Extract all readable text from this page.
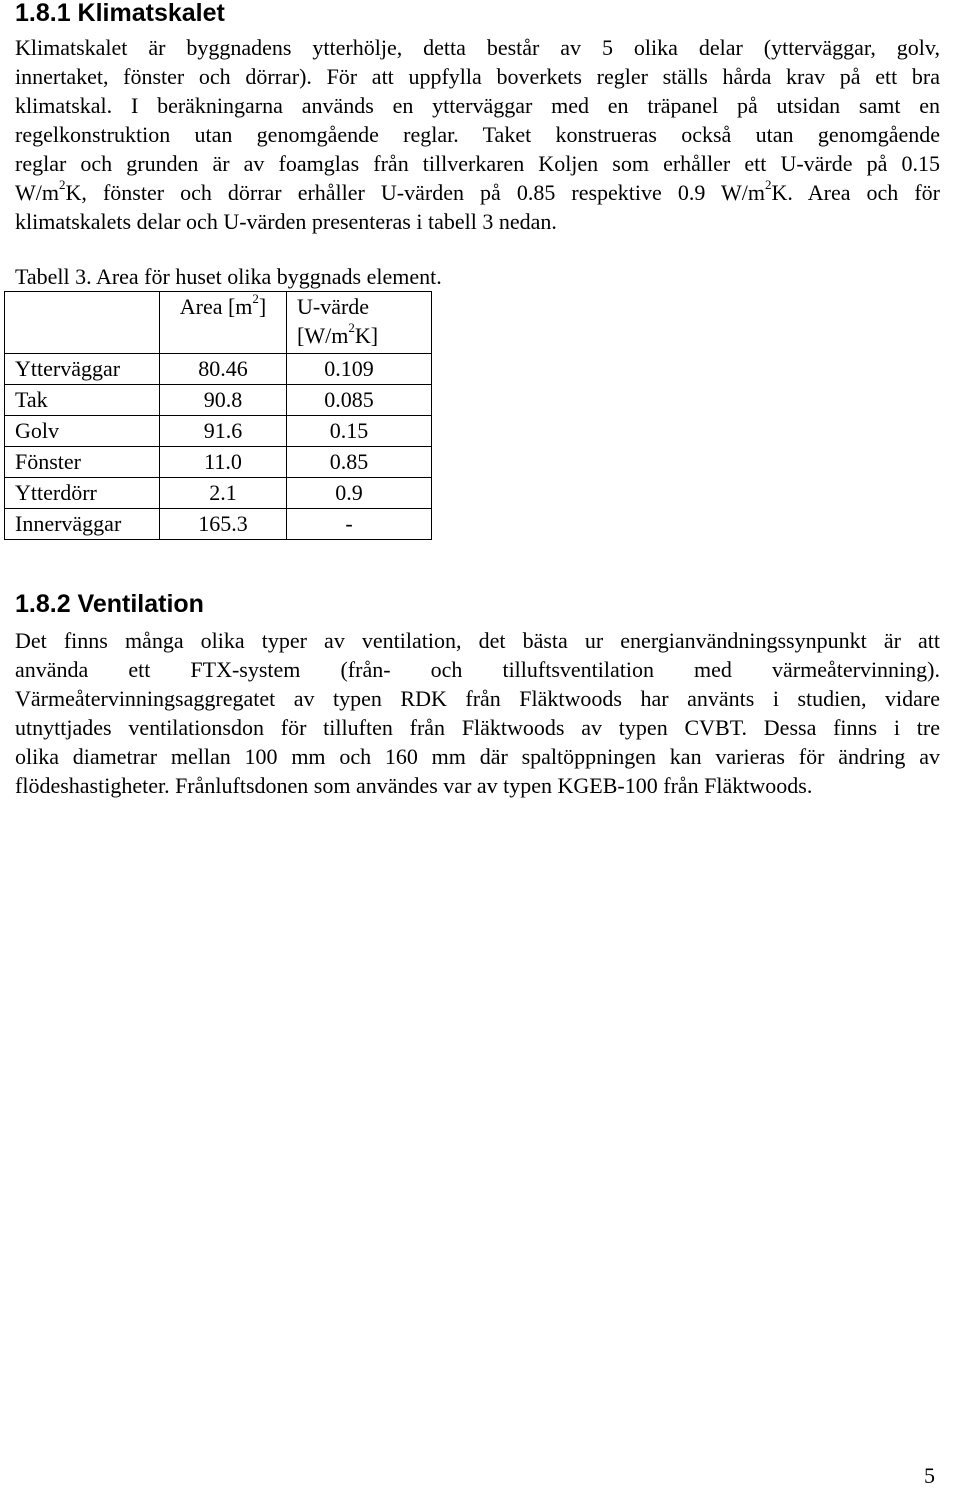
1.8.1 Klimatskalet
Klimatskalet är byggnadens ytterhölje, detta består av 5 olika delar (ytterväggar, golv,
innertaket, fönster och dörrar). För att uppfylla boverkets regler ställs hårda krav på ett bra
klimatskal. I beräkningarna används en ytterväggar med en träpanel på utsidan samt en
regelkonstruktion utan genomgående reglar. Taket konstrueras också utan genomgående
reglar och grunden är av foamglas från tillverkaren Koljen som erhåller ett U-värde på 0.15
$W/m^2K$, fönster och dörrar erhåller U-värden på 0.85 respektive 0.9 $W/m^2K$. Area och för
klimatskalets delar och U-värden presenteras i tabell 3 nedan.

Tabell 3. Area för huset olika byggnads element.

	Area $[m^2]$	U-värde
$[W/m^2K]$
Ytterväggar	80.46	0.109
Tak	90.8	0.085
Golv	91.6	0.15
Fönster	11.0	0.85
Ytterdörr	2.1	0.9
Innerväggar	165.3	-
1.8.2 Ventilation
Det finns många olika typer av ventilation, det bästa ur energianvändningssynpunkt är att
använda ett FTX-system (från- och tilluftsventilation med värmeåtervinning).
Värmeåtervinningsaggregatet av typen RDK från Fläktwoods har använts i studien, vidare
utnyttjades ventilationsdon för tilluften från Fläktwoods av typen CVBT. Dessa finns i tre
olika diametrar mellan 100 mm och 160 mm där spaltöppningen kan varieras för ändring av
flödeshastigheter. Frånluftsdonen som användes var av typen KGEB-100 från Fläktwoods.
5
